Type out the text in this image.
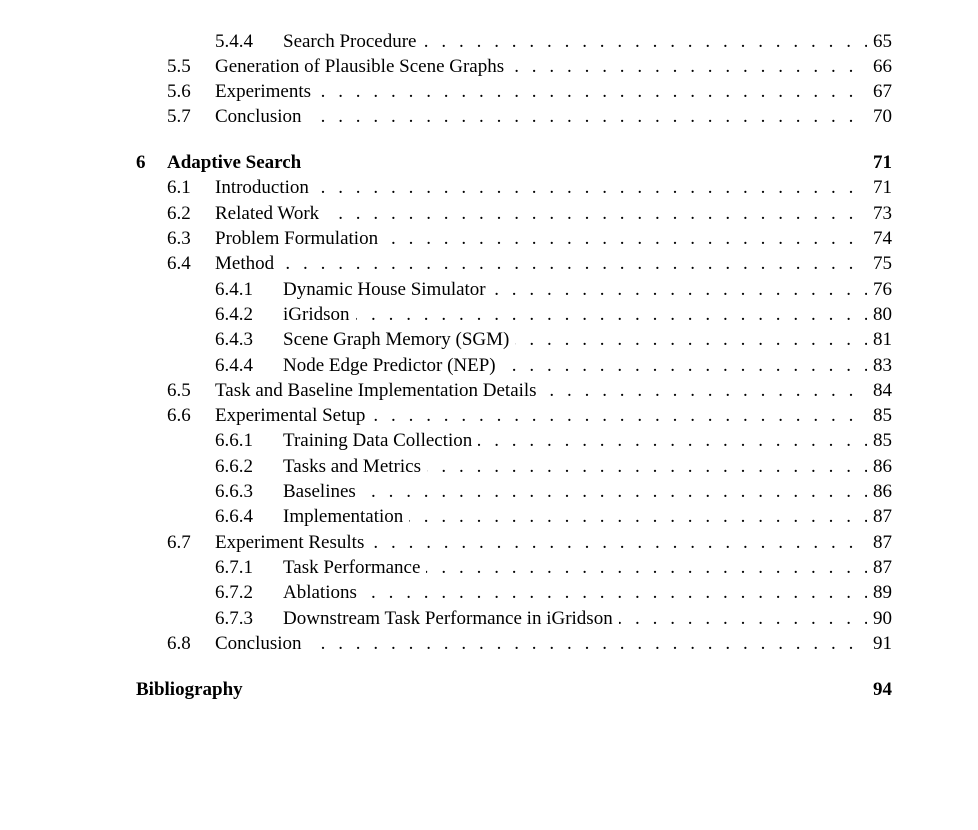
. . .
5.4.4 Search Procedure	65
. . .
5.5 Generation of Plausible Scene Graphs	66
. . .
5.6 Experiments	67
. . .
5.7 Conclusion	70
6 Adaptive Search	71
. . .
6.1 Introduction	71
. . .
6.2 Related Work	73
. . .
6.3 Problem Formulation	74
. . .
6.4 Method	75
. . .
6.4.1 Dynamic House Simulator	76
. . .
6.4.2 iGridson	80
. . .
6.4.3 Scene Graph Memory (SGM)	81
. . .
6.4.4 Node Edge Predictor (NEP)	83
. . .
6.5 Task and Baseline Implementation Details	84
. . .
6.6 Experimental Setup	85
. . .
6.6.1 Training Data Collection	85
. . .
6.6.2 Tasks and Metrics	86
. . .
6.6.3 Baselines	86
. . .
6.6.4 Implementation	87
. . .
6.7 Experiment Results	87
. . .
6.7.1 Task Performance	87
. . .
6.7.2 Ablations	89
. . .
6.7.3 Downstream Task Performance in iGridson	90
. . .
6.8 Conclusion	91
Bibliography	94
